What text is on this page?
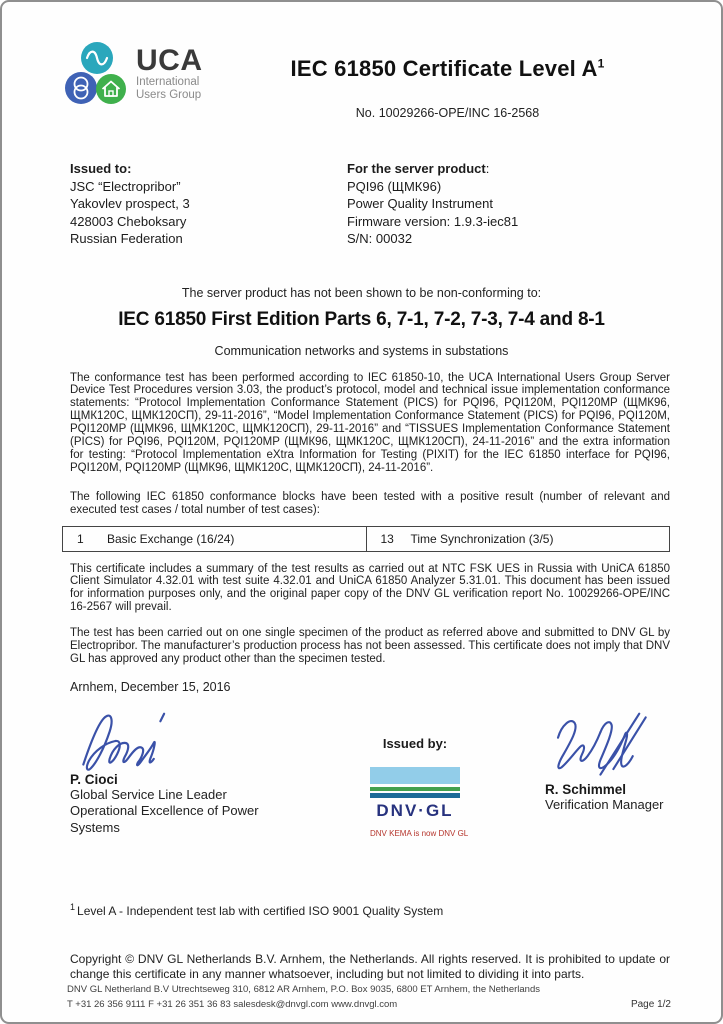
UCA
International
Users Group
IEC 61850 Certificate Level $A^1$
No. 10029266-OPE/INC 16-2568
Issued to:
JSC “Electropribor”
Yakovlev prospect, 3
428003 Cheboksary
Russian Federation
For the server product:
PQI96 (ЩМК96)
Power Quality Instrument
Firmware version: 1.9.3-iec81
S/N: 00032
The server product has not been shown to be non-conforming to:
IEC 61850 First Edition Parts 6, 7-1, 7-2, 7-3, 7-4 and 8-1
Communication networks and systems in substations
The conformance test has been performed according to IEC 61850-10, the UCA International Users Group Server Device Test Procedures version 3.03, the product’s protocol, model and technical issue implementation conformance statements: “Protocol Implementation Conformance Statement (PICS) for PQI96, PQI120M, PQI120MP (ЩМК96, ЩМК120С, ЩМК120СП), 29-11-2016”, “Model Implementation Conformance Statement (PICS) for PQI96, PQI120M, PQI120MP (ЩМК96, ЩМК120С, ЩМК120СП), 29-11-2016” and “TISSUES Implementation Conformance Statement (PICS) for PQI96, PQI120M, PQI120MP (ЩМК96, ЩМК120С, ЩМК120СП), 24-11-2016” and the extra information for testing: “Protocol Implementation eXtra Information for Testing (PIXIT) for the IEC 61850 interface for PQI96, PQI120M, PQI120MP (ЩМК96, ЩМК120С, ЩМК120СП), 24-11-2016”.
The following IEC 61850 conformance blocks have been tested with a positive result (number of relevant and executed test cases / total number of test cases):
1 Basic Exchange (16/24)	13 Time Synchronization (3/5)
This certificate includes a summary of the test results as carried out at NTC FSK UES in Russia with UniCA 61850 Client Simulator 4.32.01 with test suite 4.32.01 and UniCA 61850 Analyzer 5.31.01. This document has been issued for information purposes only, and the original paper copy of the DNV GL verification report No. 10029266-OPE/INC 16-2567 will prevail.
The test has been carried out on one single specimen of the product as referred above and submitted to DNV GL by Electropribor. The manufacturer’s production process has not been assessed. This certificate does not imply that DNV GL has approved any product other than the specimen tested.
Arnhem, December 15, 2016
P. Cioci
Global Service Line Leader
Operational Excellence of Power
Systems
Issued by:
DNV·GL
DNV KEMA is now DNV GL
R. Schimmel
Verification Manager
$^1$ Level A - Independent test lab with certified ISO 9001 Quality System
Copyright © DNV GL Netherlands B.V. Arnhem, the Netherlands. All rights reserved. It is prohibited to update or change this certificate in any manner whatsoever, including but not limited to dividing it into parts.
DNV GL Netherland B.V Utrechtseweg 310, 6812 AR Arnhem, P.O. Box 9035, 6800 ET Arnhem, the Netherlands
T +31 26 356 9111 F +31 26 351 36 83 salesdesk@dnvgl.com www.dnvgl.com	Page 1/2
